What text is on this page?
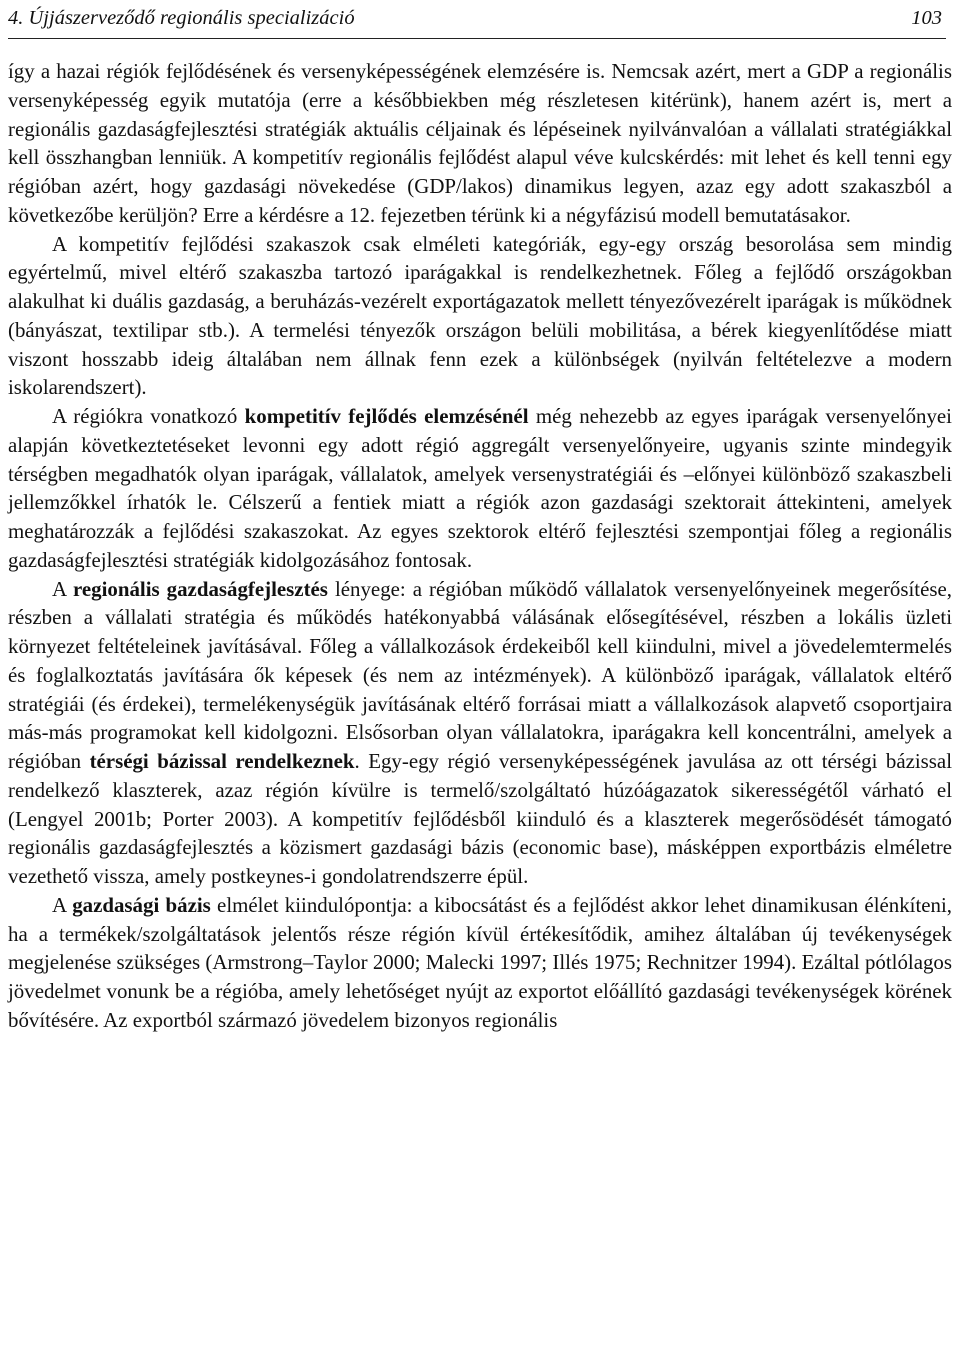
4. Újjászerveződő regionális specializáció	103

így a hazai régiók fejlődésének és versenyképességének elemzésére is. Nemcsak azért, mert a GDP a regionális versenyképesség egyik mutatója (erre a későbbiekben még részletesen kitérünk), hanem azért is, mert a regionális gazdaságfejlesztési stratégiák aktuális céljainak és lépéseinek nyilvánvalóan a vállalati stratégiákkal kell összhangban lenniük. A kompetitív regionális fejlődést alapul véve kulcskérdés: mit lehet és kell tenni egy régióban azért, hogy gazdasági növekedése (GDP/lakos) dinamikus legyen, azaz egy adott szakaszból a következőbe kerüljön? Erre a kérdésre a 12. fejezetben térünk ki a négyfázisú modell bemutatásakor.

A kompetitív fejlődési szakaszok csak elméleti kategóriák, egy-egy ország besorolása sem mindig egyértelmű, mivel eltérő szakaszba tartozó iparágakkal is rendelkezhetnek. Főleg a fejlődő országokban alakulhat ki duális gazdaság, a beruházás-vezérelt exportágazatok mellett tényezővezérelt iparágak is működnek (bányászat, textilipar stb.). A termelési tényezők országon belüli mobilitása, a bérek kiegyenlítődése miatt viszont hosszabb ideig általában nem állnak fenn ezek a különbségek (nyilván feltételezve a modern iskolarendszert).

A régiókra vonatkozó kompetitív fejlődés elemzésénél még nehezebb az egyes iparágak versenyelőnyei alapján következtetéseket levonni egy adott régió aggregált versenyelőnyeire, ugyanis szinte mindegyik térségben megadhatók olyan iparágak, vállalatok, amelyek versenystratégiái és –előnyei különböző szakaszbeli jellemzőkkel írhatók le. Célszerű a fentiek miatt a régiók azon gazdasági szektorait áttekinteni, amelyek meghatározzák a fejlődési szakaszokat. Az egyes szektorok eltérő fejlesztési szempontjai főleg a regionális gazdaságfejlesztési stratégiák kidolgozásához fontosak.

A regionális gazdaságfejlesztés lényege: a régióban működő vállalatok versenyelőnyeinek megerősítése, részben a vállalati stratégia és működés hatékonyabbá válásának elősegítésével, részben a lokális üzleti környezet feltételeinek javításával. Főleg a vállalkozások érdekeiből kell kiindulni, mivel a jövedelemtermelés és foglalkoztatás javítására ők képesek (és nem az intézmények). A különböző iparágak, vállalatok eltérő stratégiái (és érdekei), termelékenységük javításának eltérő forrásai miatt a vállalkozások alapvető csoportjaira más-más programokat kell kidolgozni. Elsősorban olyan vállalatokra, iparágakra kell koncentrálni, amelyek a régióban térségi bázissal rendelkeznek. Egy-egy régió versenyképességének javulása az ott térségi bázissal rendelkező klaszterek, azaz régión kívülre is termelő/szolgáltató húzóágazatok sikerességétől várható el (Lengyel 2001b; Porter 2003). A kompetitív fejlődésből kiinduló és a klaszterek megerősödését támogató regionális gazdaságfejlesztés a közismert gazdasági bázis (economic base), másképpen exportbázis elméletre vezethető vissza, amely postkeynes-i gondolatrendszerre épül.

A gazdasági bázis elmélet kiindulópontja: a kibocsátást és a fejlődést akkor lehet dinamikusan élénkíteni, ha a termékek/szolgáltatások jelentős része régión kívül értékesítődik, amihez általában új tevékenységek megjelenése szükséges (Armstrong–Taylor 2000; Malecki 1997; Illés 1975; Rechnitzer 1994). Ezáltal pótlólagos jövedelmet vonunk be a régióba, amely lehetőséget nyújt az exportot előállító gazdasági tevékenységek körének bővítésére. Az exportból származó jövedelem bizonyos regionális
